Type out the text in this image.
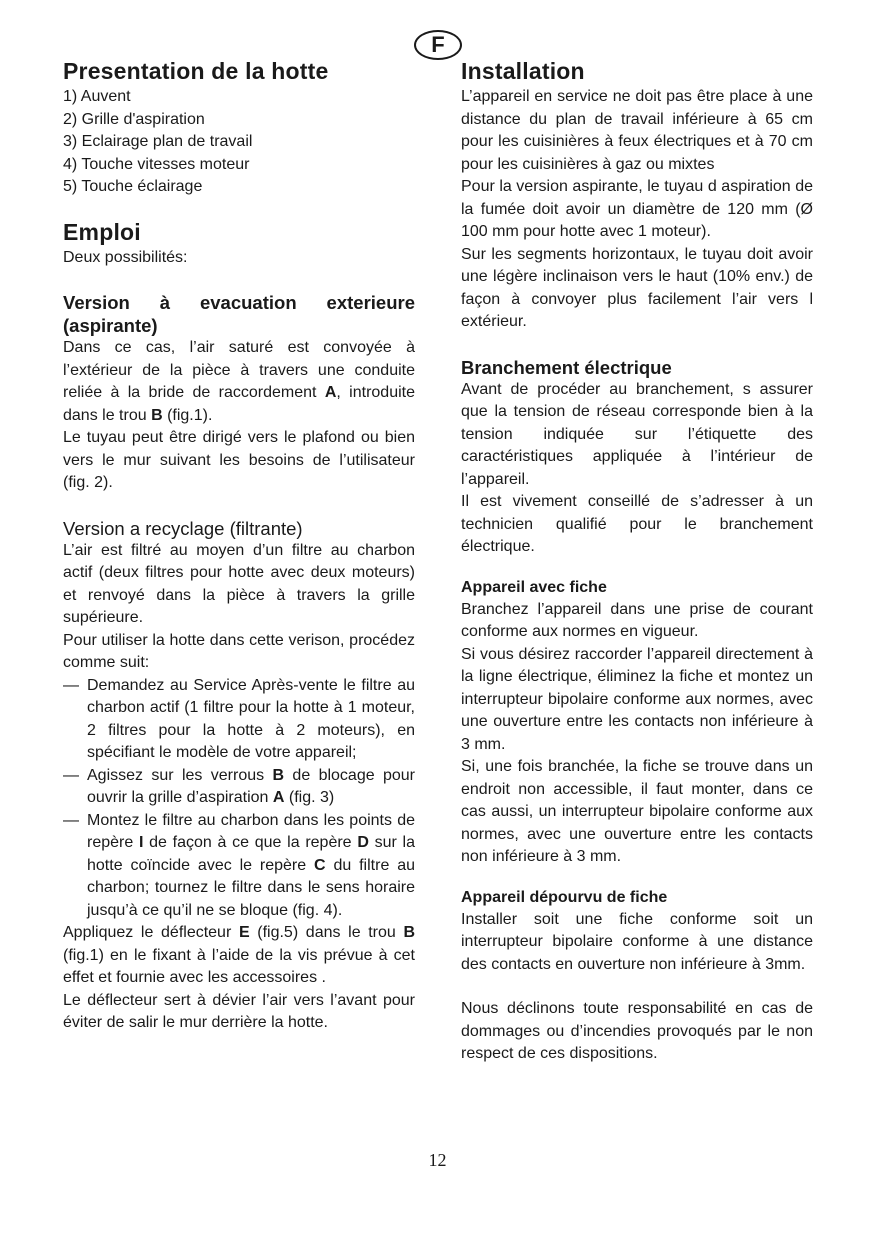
F
Presentation de la hotte
1) Auvent
2) Grille d'aspiration
3) Eclairage plan de travail
4) Touche vitesses moteur
5) Touche éclairage
Emploi

Deux possibilités:

Version à evacuation exterieure (aspirante)

Dans ce cas, l’air saturé est convoyée à l’extérieur de la pièce à travers une conduite reliée à la bride de raccordement A, introduite dans le trou B (fig.1).

Le tuyau peut être dirigé vers le plafond ou bien vers le mur suivant les besoins de l’utilisateur (fig. 2).

Version a recyclage (filtrante)

L’air est filtré au moyen d’un filtre au charbon actif (deux filtres pour hotte avec deux moteurs) et renvoyé dans la pièce à travers la grille supérieure.

Pour utiliser la hotte dans cette verison, procédez comme suit:

— Demandez au Service Après-vente le filtre au charbon actif (1 filtre pour la hotte à 1 moteur, 2 filtres pour la hotte à 2 moteurs), en spécifiant le modèle de votre appareil;
— Agissez sur les verrous B de blocage pour ouvrir la grille d’aspiration A (fig. 3)
— Montez le filtre au charbon dans les points de repère I de façon à ce que la repère D sur la hotte coïncide avec le repère C du filtre au charbon; tournez le filtre dans le sens horaire jusqu’à ce qu’il ne se bloque (fig. 4).

Appliquez le déflecteur E (fig.5) dans le trou B (fig.1) en le fixant à l’aide de la vis prévue à cet effet et fournie avec les accessoires .

Le déflecteur sert à dévier l’air vers l’avant pour éviter de salir le mur derrière la hotte.

Installation

L’appareil en service ne doit pas être place à une distance du plan de travail inférieure à 65 cm pour les cuisinières à feux électriques et à 70 cm pour les cuisinières à gaz ou mixtes

Pour la version aspirante, le tuyau d aspiration de la fumée doit avoir un diamètre de 120 mm (Ø 100 mm pour hotte avec 1 moteur).

Sur les segments horizontaux, le tuyau doit avoir une légère inclinaison vers le haut (10% env.) de façon à convoyer plus facilement l’air vers l extérieur.

Branchement électrique

Avant de procéder au branchement, s assurer que la tension de réseau corresponde bien à la tension indiquée sur l’étiquette des caractéristiques appliquée à l’intérieur de l’appareil.

Il est vivement conseillé de s’adresser à un technicien qualifié pour le branchement électrique.

Appareil avec fiche

Branchez l’appareil dans une prise de courant conforme aux normes en vigueur.

Si vous désirez raccorder l’appareil directement à la ligne électrique, éliminez la fiche et montez un interrupteur bipolaire conforme aux normes, avec une ouverture entre les contacts non inférieure à 3 mm.

Si, une fois branchée, la fiche se trouve dans un endroit non accessible, il faut monter, dans ce cas aussi, un interrupteur bipolaire conforme aux normes, avec une ouverture entre les contacts non inférieure à 3 mm.

Appareil dépourvu de fiche

Installer soit une fiche conforme soit un interrupteur bipolaire conforme à une distance des contacts en ouverture non inférieure à 3mm.

Nous déclinons toute responsabilité en cas de dommages ou d’incendies provoqués par le non respect de ces dispositions.

12
